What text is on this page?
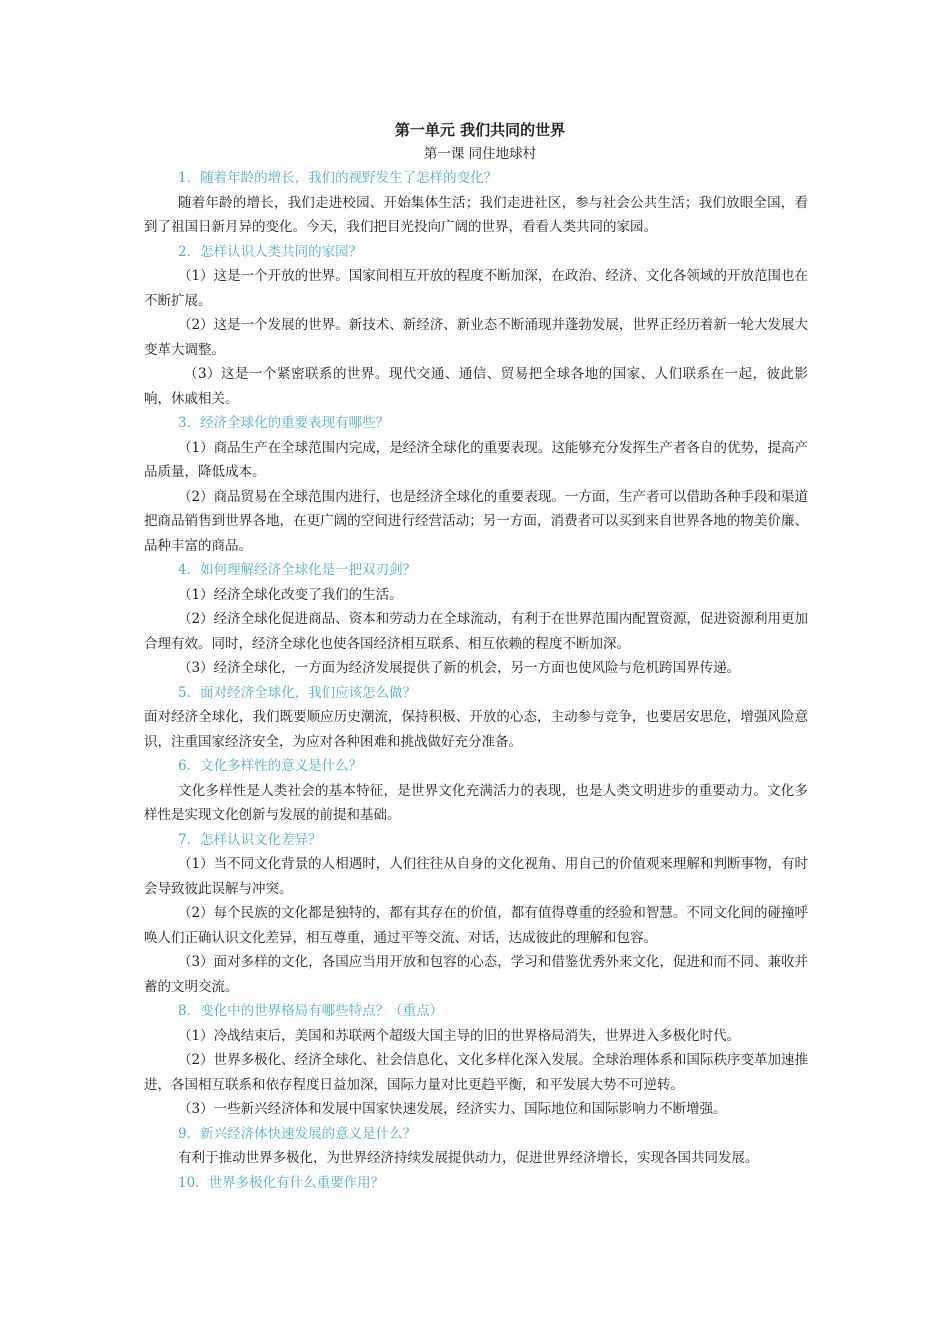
第一单元 我们共同的世界
第一课 同住地球村
1．随着年龄的增长，我们的视野发生了怎样的变化？

随着年龄的增长，我们走进校园、开始集体生活；我们走进社区，参与社会公共生活；我们放眼全国，看到了祖国日新月异的变化。今天，我们把目光投向广阔的世界，看看人类共同的家园。

2．怎样认识人类共同的家园？

（1）这是一个开放的世界。国家间相互开放的程度不断加深，在政治、经济、文化各领域的开放范围也在不断扩展。

（2）这是一个发展的世界。新技术、新经济、新业态不断涌现并蓬勃发展，世界正经历着新一轮大发展大变革大调整。

（3）这是一个紧密联系的世界。现代交通、通信、贸易把全球各地的国家、人们联系在一起，彼此影响，休戚相关。

3．经济全球化的重要表现有哪些？

（1）商品生产在全球范围内完成，是经济全球化的重要表现。这能够充分发挥生产者各自的优势，提高产品质量，降低成本。

（2）商品贸易在全球范围内进行，也是经济全球化的重要表现。一方面，生产者可以借助各种手段和渠道把商品销售到世界各地，在更广阔的空间进行经营活动；另一方面，消费者可以买到来自世界各地的物美价廉、品种丰富的商品。

4．如何理解经济全球化是一把双刃剑？

（1）经济全球化改变了我们的生活。

（2）经济全球化促进商品、资本和劳动力在全球流动，有利于在世界范围内配置资源，促进资源利用更加合理有效。同时，经济全球化也使各国经济相互联系、相互依赖的程度不断加深。

（3）经济全球化，一方面为经济发展提供了新的机会，另一方面也使风险与危机跨国界传递。

5．面对经济全球化，我们应该怎么做？

面对经济全球化，我们既要顺应历史潮流，保持积极、开放的心态，主动参与竞争，也要居安思危，增强风险意识，注重国家经济安全，为应对各种困难和挑战做好充分准备。

6．文化多样性的意义是什么？

文化多样性是人类社会的基本特征，是世界文化充满活力的表现，也是人类文明进步的重要动力。文化多样性是实现文化创新与发展的前提和基础。

7．怎样认识文化差异？

（1）当不同文化背景的人相遇时，人们往往从自身的文化视角、用自己的价值观来理解和判断事物，有时会导致彼此误解与冲突。

（2）每个民族的文化都是独特的，都有其存在的价值，都有值得尊重的经验和智慧。不同文化间的碰撞呼唤人们正确认识文化差异，相互尊重，通过平等交流、对话，达成彼此的理解和包容。

（3）面对多样的文化，各国应当用开放和包容的心态，学习和借鉴优秀外来文化，促进和而不同、兼收并蓄的文明交流。

8．变化中的世界格局有哪些特点？（重点）

（1）冷战结束后，美国和苏联两个超级大国主导的旧的世界格局消失，世界进入多极化时代。

（2）世界多极化、经济全球化、社会信息化、文化多样化深入发展。全球治理体系和国际秩序变革加速推进，各国相互联系和依存程度日益加深，国际力量对比更趋平衡，和平发展大势不可逆转。

（3）一些新兴经济体和发展中国家快速发展，经济实力、国际地位和国际影响力不断增强。

9．新兴经济体快速发展的意义是什么？

有利于推动世界多极化，为世界经济持续发展提供动力，促进世界经济增长，实现各国共同发展。

10．世界多极化有什么重要作用？
